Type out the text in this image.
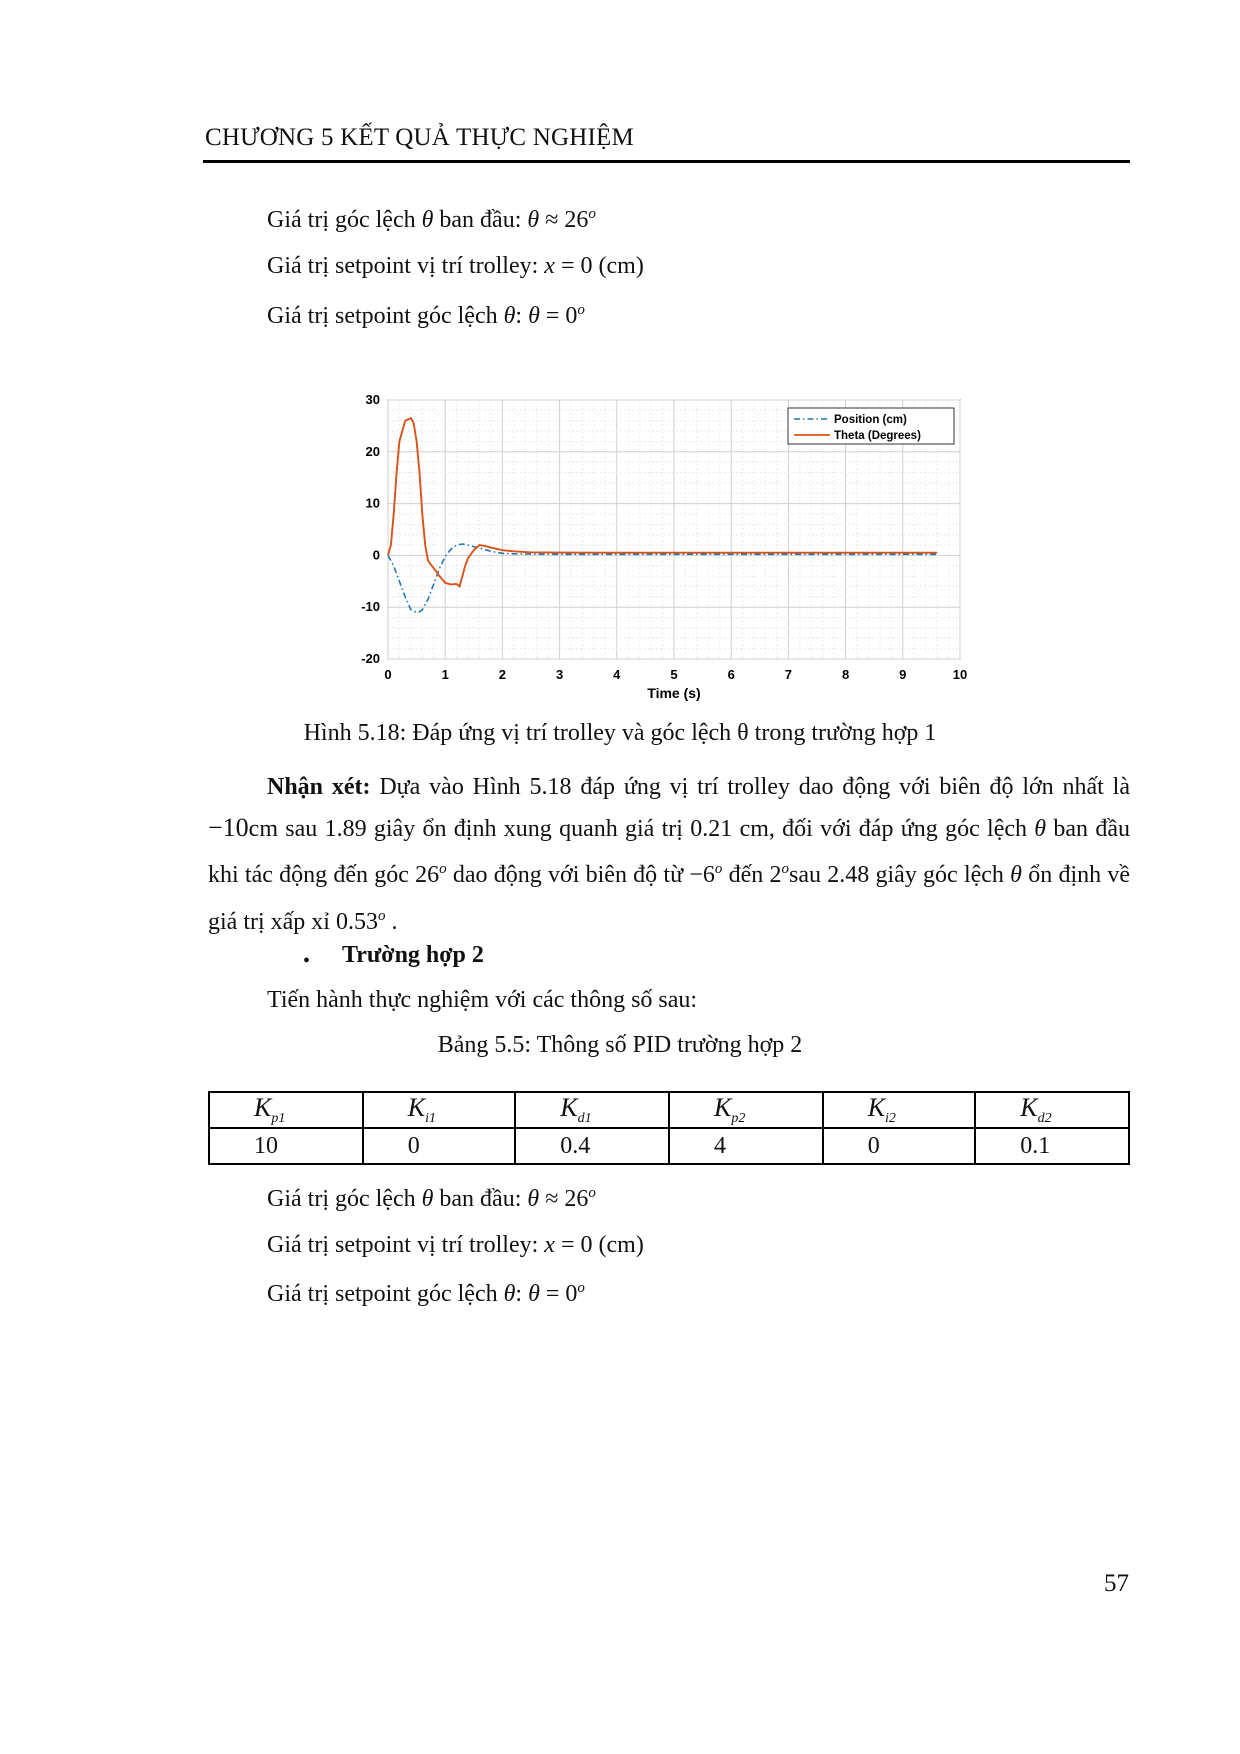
CHƯƠNG 5 KẾT QUẢ THỰC NGHIỆM
Giá trị góc lệch θ ban đầu: $\theta \approx 26^o$
Giá trị setpoint vị trí trolley: x = 0 (cm)
Giá trị setpoint góc lệch θ: $\theta = 0^o$
0	1	2	3	4	5	6	7	8	9	10
-20
-10
0
10
20
30
Position (cm)
Theta (Degrees)
Time (s)
Hình 5.18: Đáp ứng vị trí trolley và góc lệch θ trong trường hợp 1
Nhận xét: Dựa vào Hình 5.18 đáp ứng vị trí trolley dao động với biên độ lớn nhất là −10cm sau 1.89 giây ổn định xung quanh giá trị 0.21 cm, đối với đáp ứng góc lệch θ ban đầu khi tác động đến góc 26$^o$ dao động với biên độ từ $-6^o$ đến 2$^o$sau 2.48 giây góc lệch θ ổn định về giá trị xấp xỉ 0.53$^o$ .
• Trường hợp 2
Tiến hành thực nghiệm với các thông số sau:
Bảng 5.5: Thông số PID trường hợp 2
$K_{p1}$	$K_{i1}$	$K_{d1}$	$K_{p2}$	$K_{i2}$	$K_{d2}$
10	0	0.4	4	0	0.1
Giá trị góc lệch θ ban đầu: $\theta \approx 26^o$
Giá trị setpoint vị trí trolley: x = 0 (cm)
Giá trị setpoint góc lệch θ: $\theta = 0^o$
57
